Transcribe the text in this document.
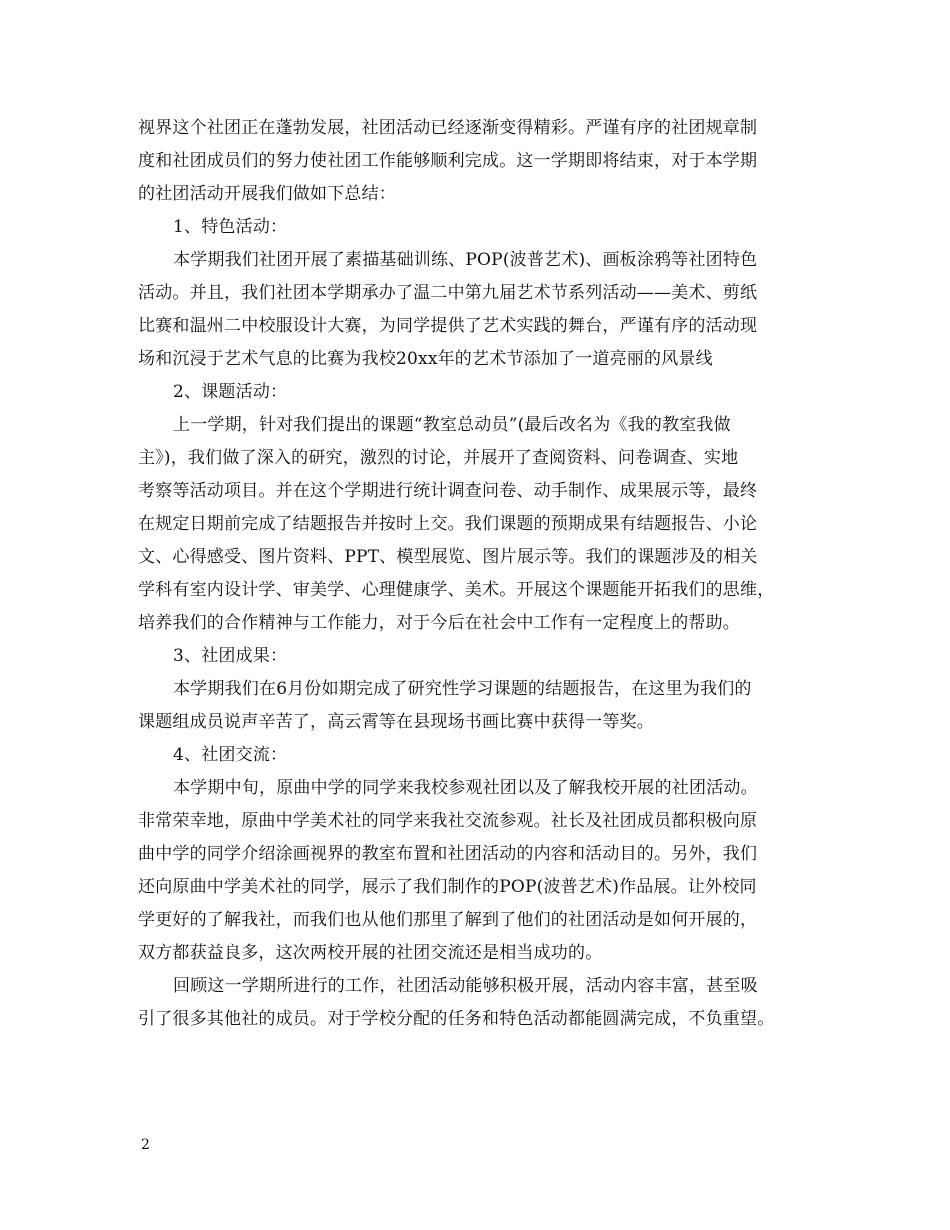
视界这个社团正在蓬勃发展，社团活动已经逐渐变得精彩。严谨有序的社团规章制
度和社团成员们的努力使社团工作能够顺利完成。这一学期即将结束，对于本学期
的社团活动开展我们做如下总结：
1、特色活动：
本学期我们社团开展了素描基础训练、POP(波普艺术)、画板涂鸦等社团特色
活动。并且，我们社团本学期承办了温二中第九届艺术节系列活动——美术、剪纸
比赛和温州二中校服设计大赛，为同学提供了艺术实践的舞台，严谨有序的活动现
场和沉浸于艺术气息的比赛为我校20xx年的艺术节添加了一道亮丽的风景线
2、课题活动：
上一学期，针对我们提出的课题“教室总动员”(最后改名为《我的教室我做
主》)，我们做了深入的研究，激烈的讨论，并展开了查阅资料、问卷调查、实地
考察等活动项目。并在这个学期进行统计调查问卷、动手制作、成果展示等，最终
在规定日期前完成了结题报告并按时上交。我们课题的预期成果有结题报告、小论
文、心得感受、图片资料、PPT、模型展览、图片展示等。我们的课题涉及的相关
学科有室内设计学、审美学、心理健康学、美术。开展这个课题能开拓我们的思维，
培养我们的合作精神与工作能力，对于今后在社会中工作有一定程度上的帮助。
3、社团成果：
本学期我们在6月份如期完成了研究性学习课题的结题报告，在这里为我们的
课题组成员说声辛苦了，高云霄等在县现场书画比赛中获得一等奖。
4、社团交流：
本学期中旬，原曲中学的同学来我校参观社团以及了解我校开展的社团活动。
非常荣幸地，原曲中学美术社的同学来我社交流参观。社长及社团成员都积极向原
曲中学的同学介绍涂画视界的教室布置和社团活动的内容和活动目的。另外，我们
还向原曲中学美术社的同学，展示了我们制作的POP(波普艺术)作品展。让外校同
学更好的了解我社，而我们也从他们那里了解到了他们的社团活动是如何开展的，
双方都获益良多，这次两校开展的社团交流还是相当成功的。
回顾这一学期所进行的工作，社团活动能够积极开展，活动内容丰富，甚至吸
引了很多其他社的成员。对于学校分配的任务和特色活动都能圆满完成，不负重望。
2
